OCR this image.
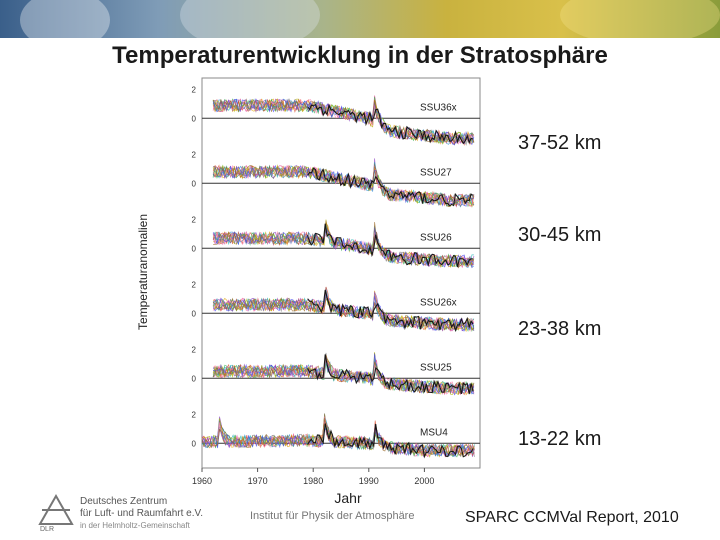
Temperaturentwicklung in der Stratosphäre
Temperaturanomalien
2
0
SSU36x
2
0
SSU27
2
0
SSU26
2
0
SSU26x
2
0
SSU25
2
0
MSU4
1960	1970	1980	1990	2000
37-52 km
30-45 km
23-38 km
13-22 km
Jahr
DLR
Deutsches Zentrum
für Luft- und Raumfahrt e.V.
in der Helmholtz-Gemeinschaft
Institut für Physik der Atmosphäre	SPARC CCMVal Report, 2010
